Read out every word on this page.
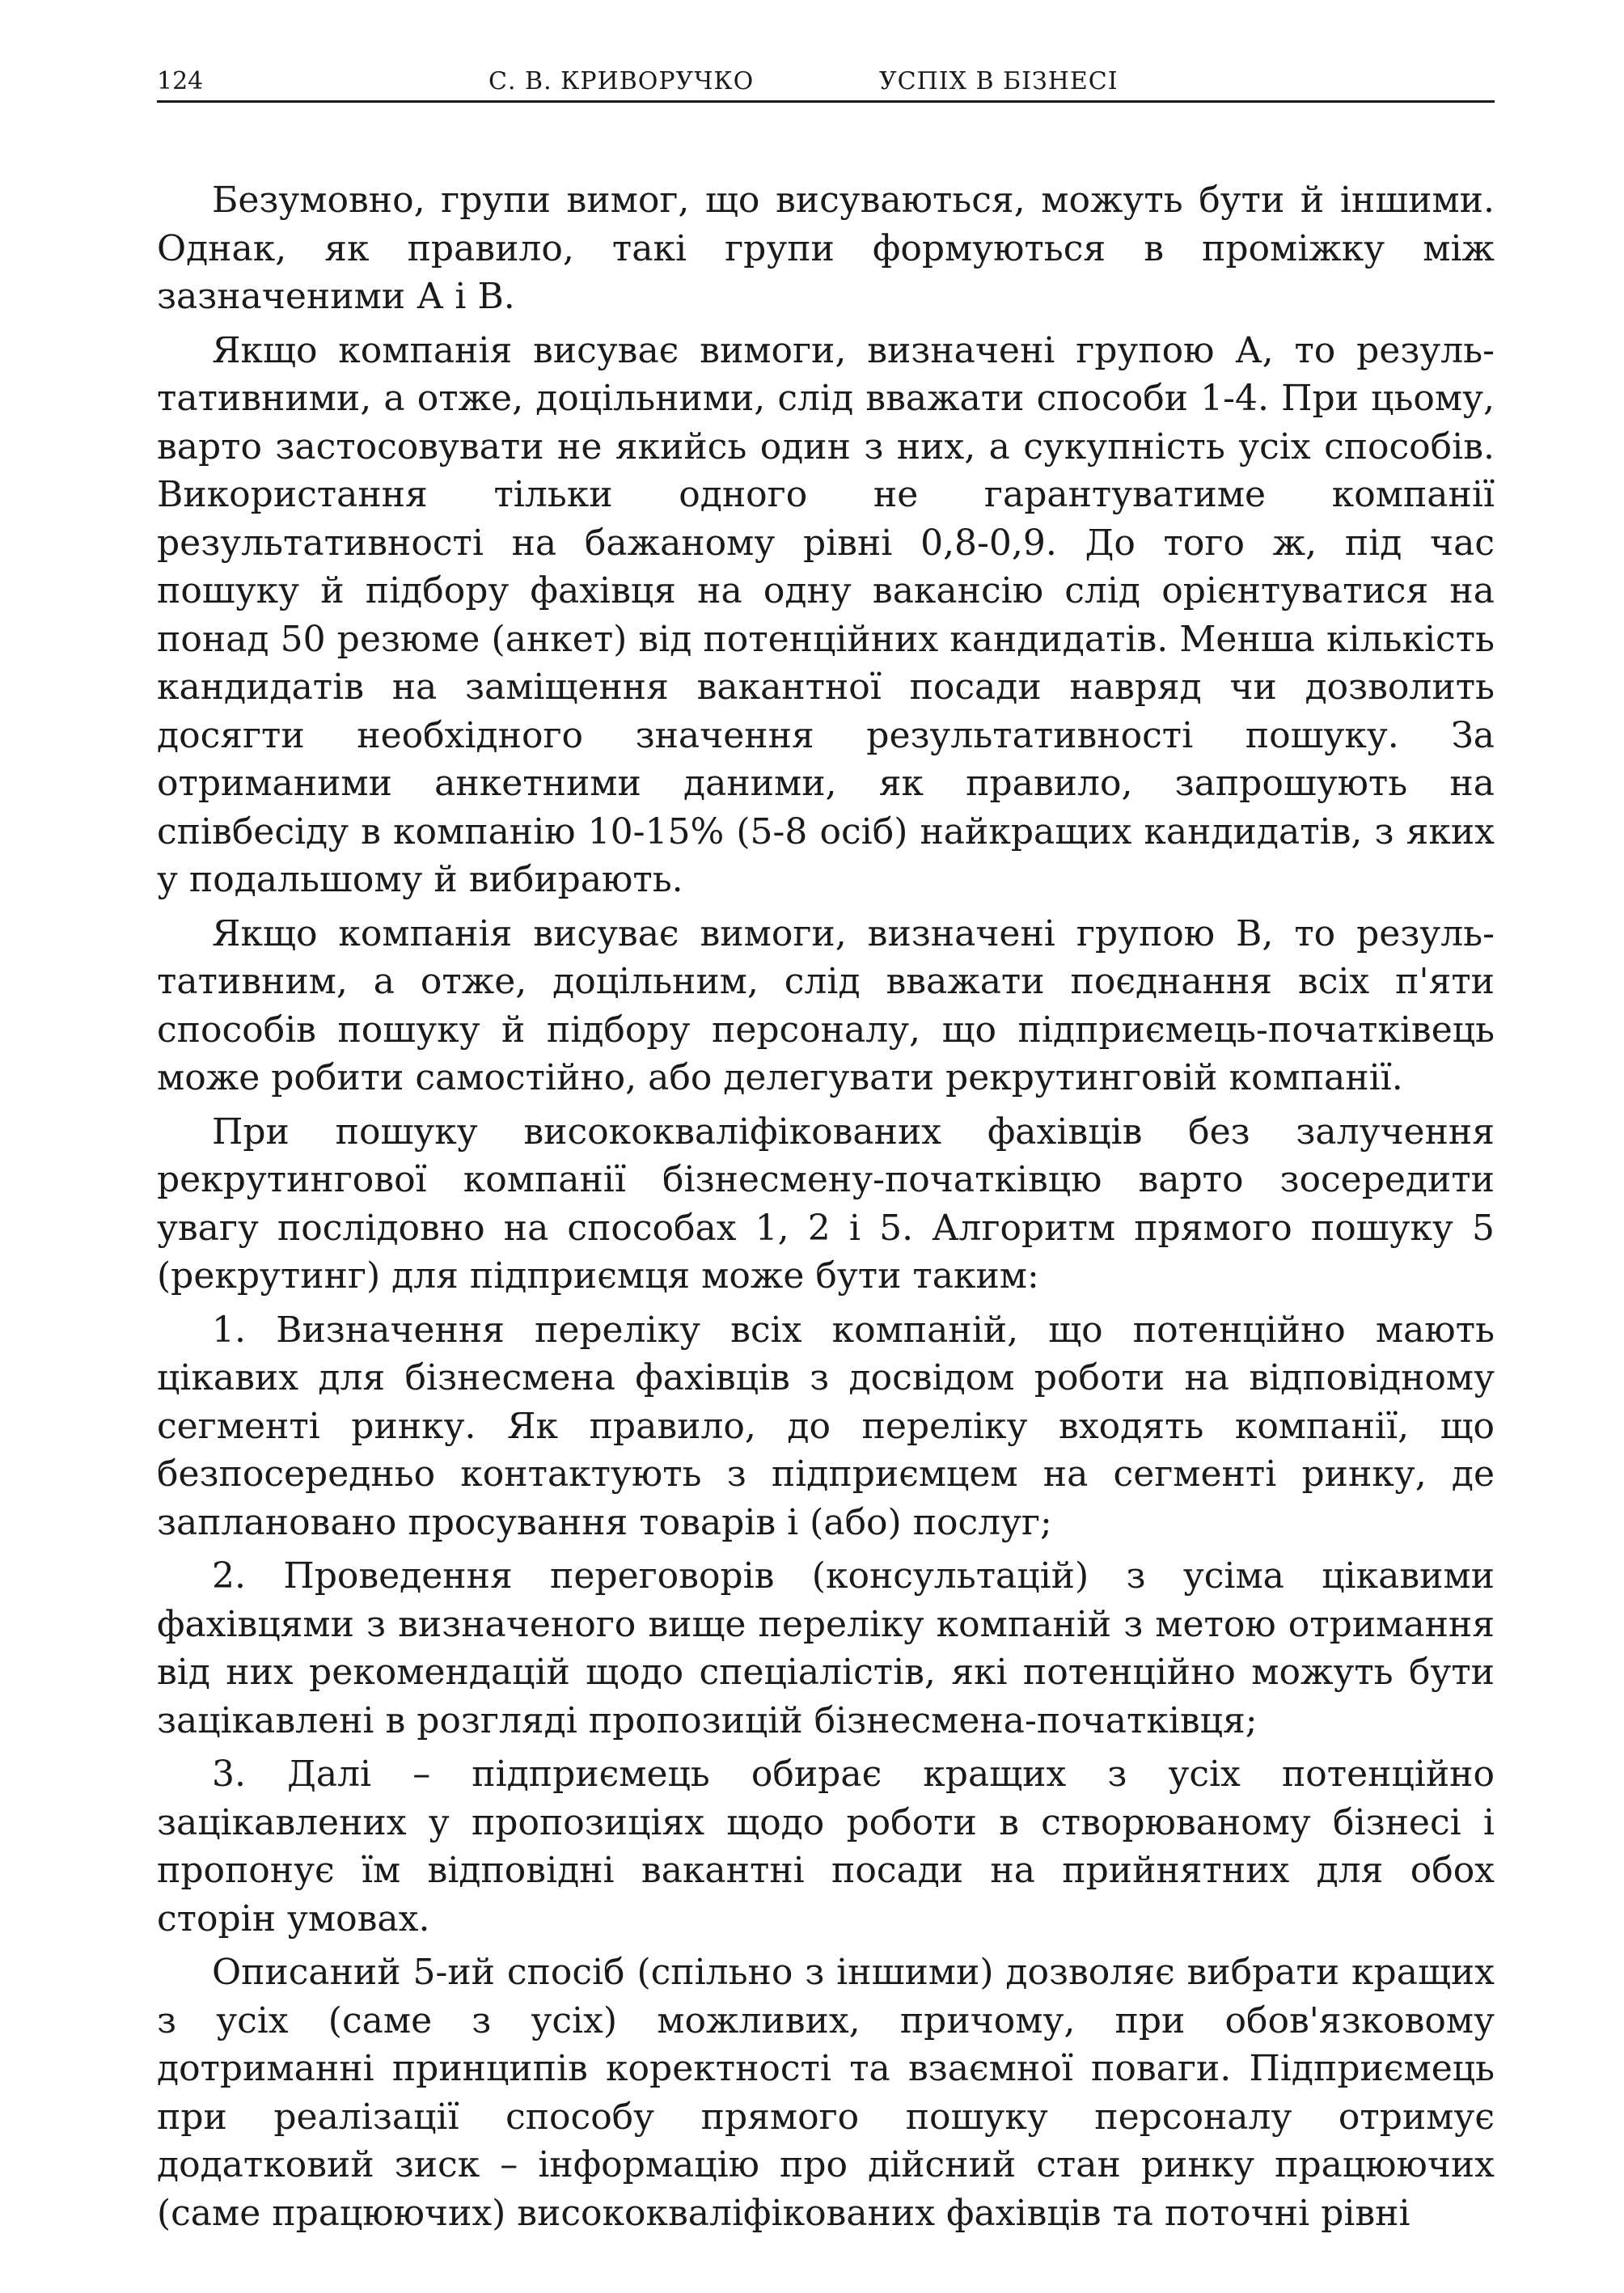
124	С. В. КРИВОРУЧКО	УСПІХ В БІЗНЕСІ

Безумовно, групи вимог, що висуваються, можуть бути й іншими. Однак, як правило, такі групи формуються в проміжку між зазначеними А і В.

Якщо компанія висуває вимоги, визначені групою А, то результативними, а отже, доцільними, слід вважати способи 1-4. При цьому, варто застосовувати не якийсь один з них, а сукупність усіх способів. Використання тільки одного не гарантуватиме компанії результативності на бажаному рівні 0,8-0,9. До того ж, під час пошуку й підбору фахівця на одну вакансію слід орієнтуватися на понад 50 резюме (анкет) від потенційних кандидатів. Менша кількість кандидатів на заміщення вакантної посади навряд чи дозволить досягти необхідного значення результативності пошуку. За отриманими анкетними даними, як правило, запрошують на співбесіду в компанію 10-15% (5-8 осіб) найкращих кандидатів, з яких у подальшому й вибирають.

Якщо компанія висуває вимоги, визначені групою В, то результативним, а отже, доцільним, слід вважати поєднання всіх п'яти способів пошуку й підбору персоналу, що підприємець-початківець може робити самостійно, або делегувати рекрутинговій компанії.

При пошуку висококваліфікованих фахівців без залучення рекрутингової компанії бізнесмену-початківцю варто зосередити увагу послідовно на способах 1, 2 і 5. Алгоритм прямого пошуку 5 (рекрутинг) для підприємця може бути таким:

1. Визначення переліку всіх компаній, що потенційно мають цікавих для бізнесмена фахівців з досвідом роботи на відповідному сегменті ринку. Як правило, до переліку входять компанії, що безпосередньо контактують з підприємцем на сегменті ринку, де заплановано просування товарів і (або) послуг;

2. Проведення переговорів (консультацій) з усіма цікавими фахівцями з визначеного вище переліку компаній з метою отримання від них рекомендацій щодо спеціалістів, які потенційно можуть бути зацікавлені в розгляді пропозицій бізнесмена-початківця;

3. Далі – підприємець обирає кращих з усіх потенційно зацікавлених у пропозиціях щодо роботи в створюваному бізнесі і пропонує їм відповідні вакантні посади на прийнятних для обох сторін умовах.

Описаний 5-ий спосіб (спільно з іншими) дозволяє вибрати кращих з усіх (саме з усіх) можливих, причому, при обов'язковому дотриманні принципів коректності та взаємної поваги. Підприємець при реалізації способу прямого пошуку персоналу отримує додатковий зиск – інформацію про дійсний стан ринку працюючих (саме працюючих) висококваліфікованих фахівців та поточні рівні
